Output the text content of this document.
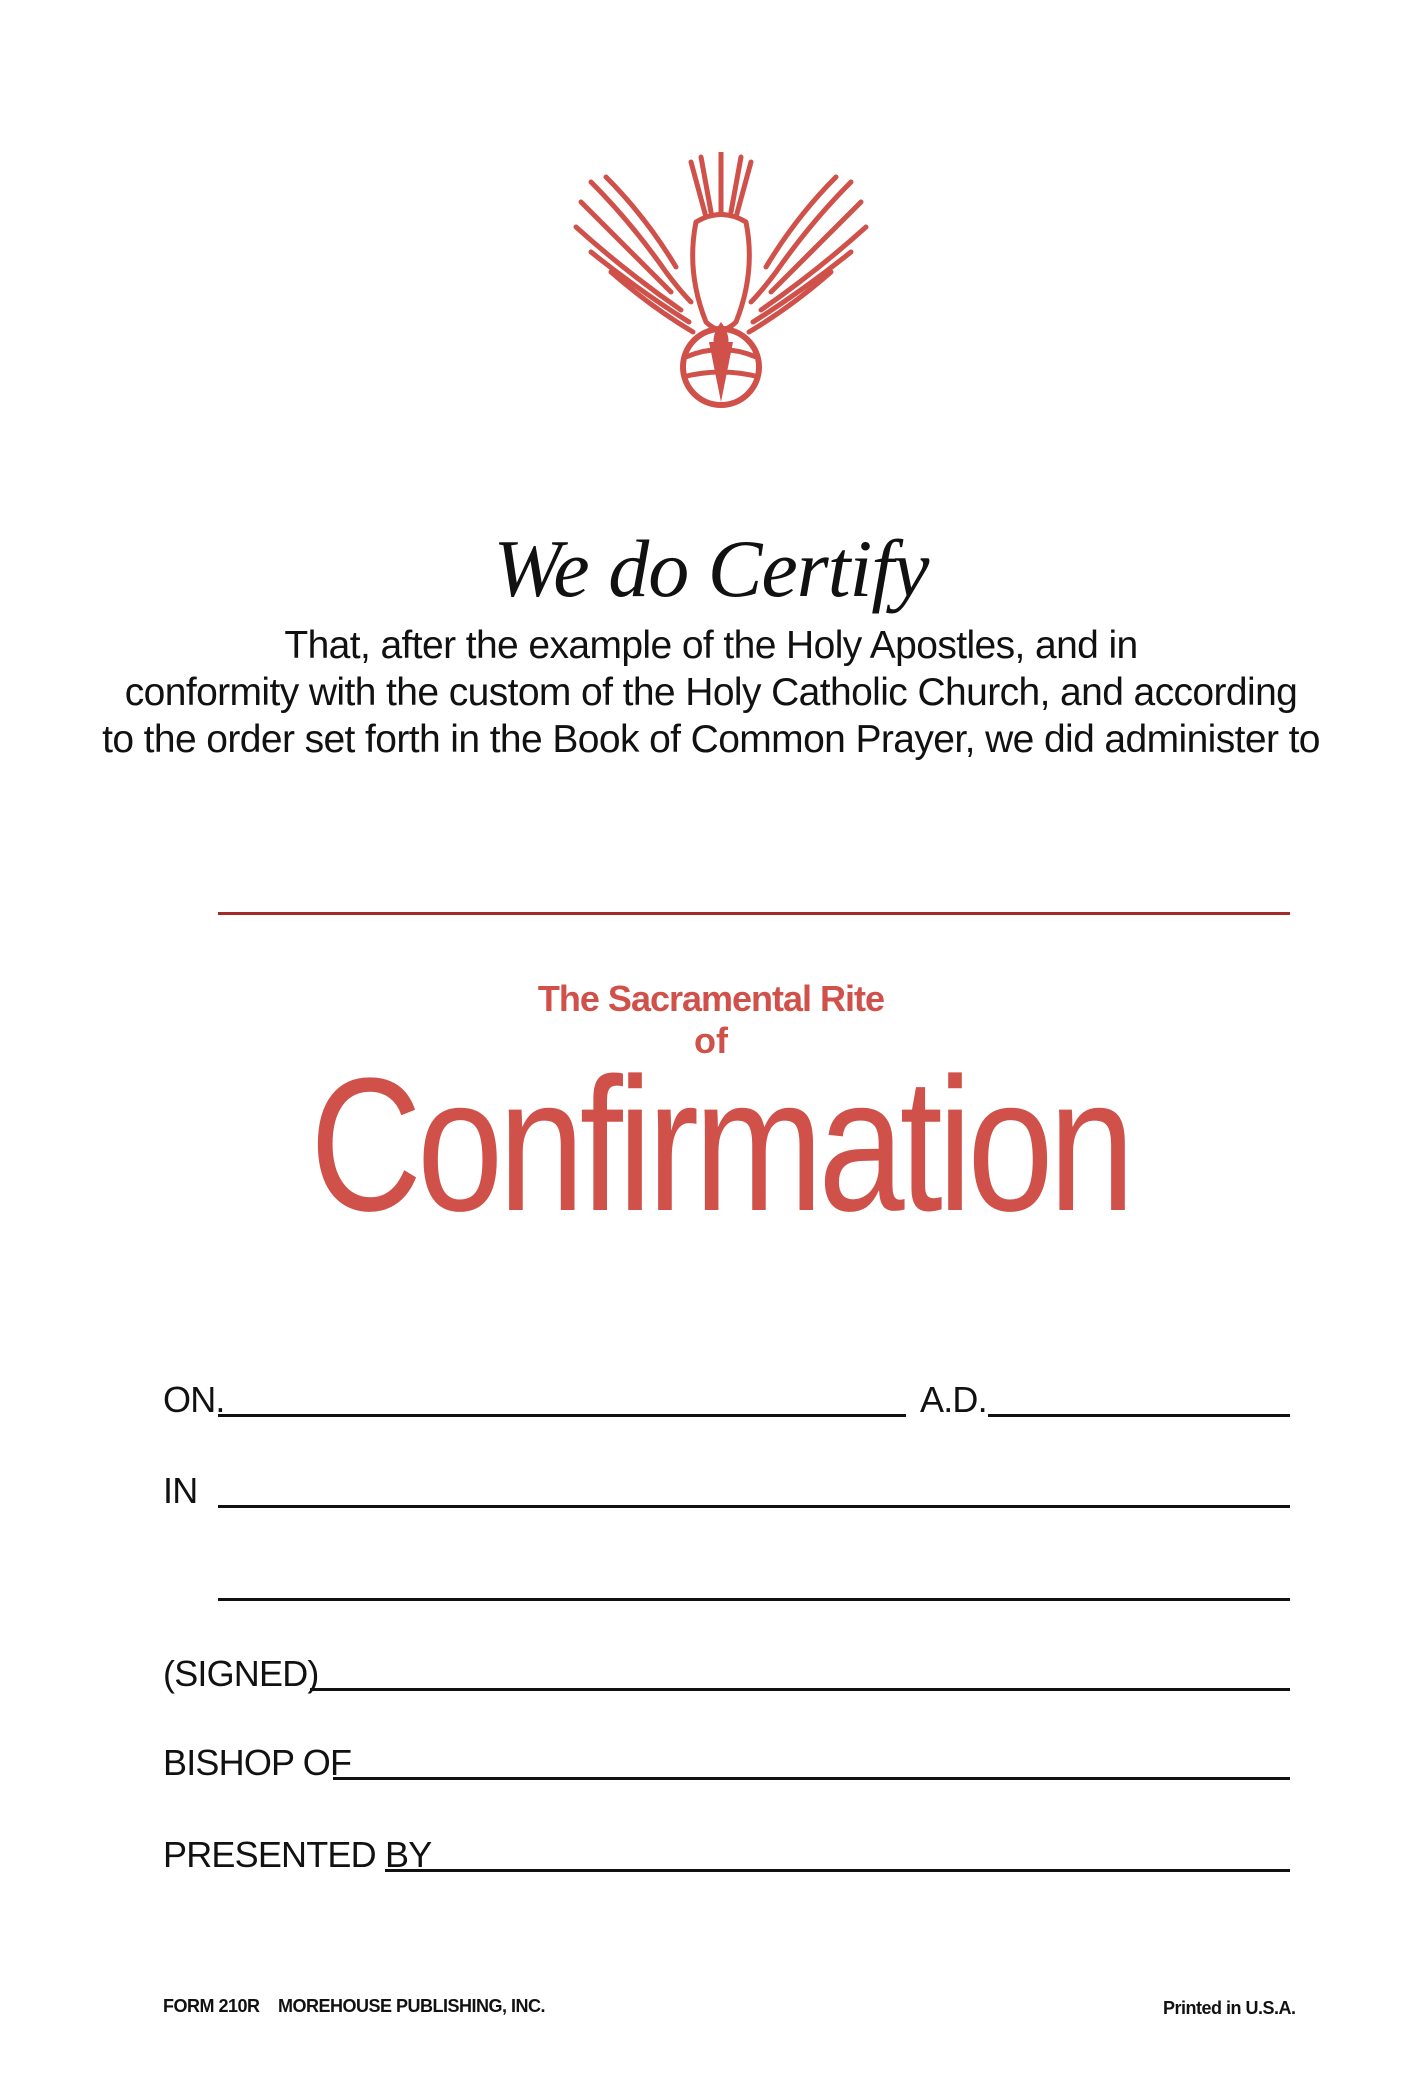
We do Certify
That, after the example of the Holy Apostles, and in
conformity with the custom of the Holy Catholic Church, and according
to the order set forth in the Book of Common Prayer, we did administer to
The Sacramental Rite
of
Confirmation
ON.	A.D.
IN
(SIGNED)
BISHOP OF
PRESENTED BY
FORM 210R MOREHOUSE PUBLISHING, INC.	Printed in U.S.A.
